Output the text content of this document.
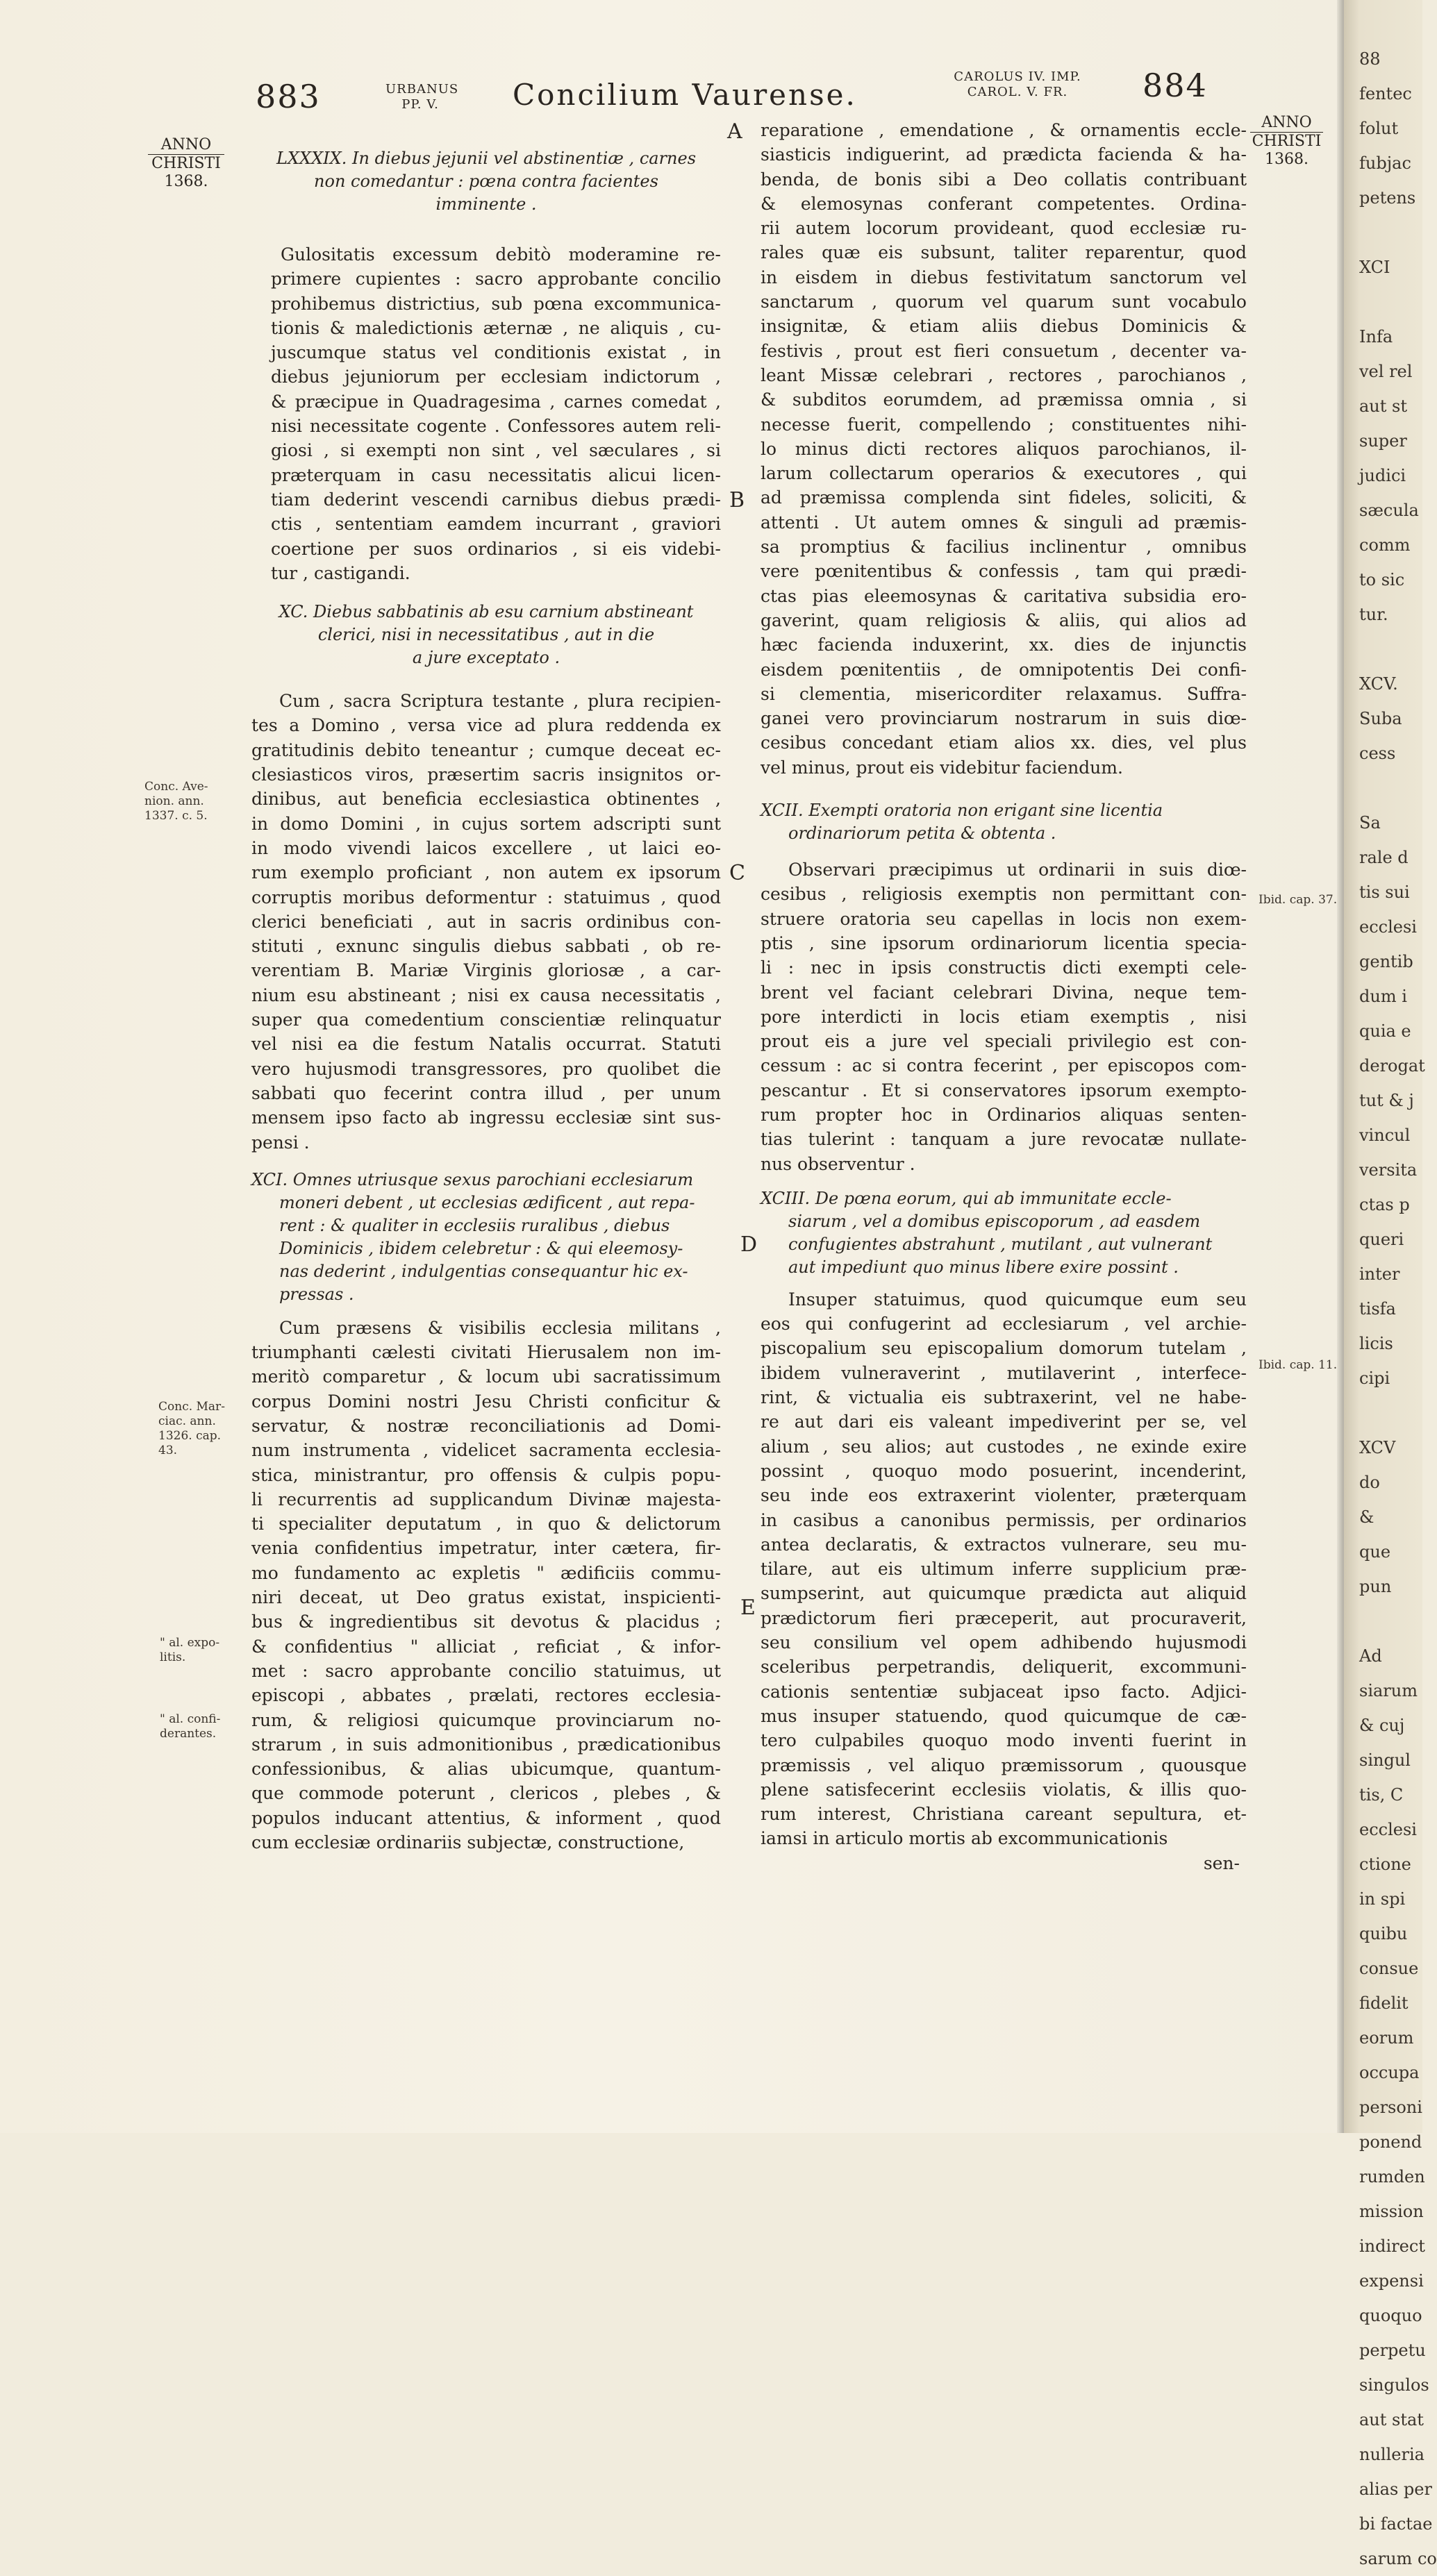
883	URBANUS
PP. V.	Concilium Vaurense.
CAROLUS IV. IMP.
CAROL. V. FR.	884
ANNO
CHRISTI
1368.
ANNO
CHRISTI
1368.
Conc. Ave-
nion. ann.
1337. c. 5.
Conc. Mar-
ciac. ann.
1326. cap.
43.
" al. expo-
litis.
" al. confi-
derantes.
Ibid. cap. 37.
Ibid. cap. 11.
A
B
C
D
E
LXXXIX. In diebus jejunii vel abstinentiæ , carnes
non comedantur : pœna contra facientes
imminente .
Gulositatis excessum debitò moderamine re-
primere cupientes : sacro approbante concilio
prohibemus districtius, sub pœna excommunica-
tionis & maledictionis æternæ , ne aliquis , cu-
juscumque status vel conditionis existat , in
diebus jejuniorum per ecclesiam indictorum ,
& præcipue in Quadragesima , carnes comedat ,
nisi necessitate cogente . Confessores autem reli-
giosi , si exempti non sint , vel sæculares , si
præterquam in casu necessitatis alicui licen-
tiam dederint vescendi carnibus diebus prædi-
ctis , sententiam eamdem incurrant , graviori
coertione per suos ordinarios , si eis videbi-
tur , castigandi.
XC. Diebus sabbatinis ab esu carnium abstineant
clerici, nisi in necessitatibus , aut in die
a jure exceptato .
Cum , sacra Scriptura testante , plura recipien-
tes a Domino , versa vice ad plura reddenda ex
gratitudinis debito teneantur ; cumque deceat ec-
clesiasticos viros, præsertim sacris insignitos or-
dinibus, aut beneficia ecclesiastica obtinentes ,
in domo Domini , in cujus sortem adscripti sunt
in modo vivendi laicos excellere , ut laici eo-
rum exemplo proficiant , non autem ex ipsorum
corruptis moribus deformentur : statuimus , quod
clerici beneficiati , aut in sacris ordinibus con-
stituti , exnunc singulis diebus sabbati , ob re-
verentiam B. Mariæ Virginis gloriosæ , a car-
nium esu abstineant ; nisi ex causa necessitatis ,
super qua comedentium conscientiæ relinquatur
vel nisi ea die festum Natalis occurrat. Statuti
vero hujusmodi transgressores, pro quolibet die
sabbati quo fecerint contra illud , per unum
mensem ipso facto ab ingressu ecclesiæ sint sus-
pensi .
XCI. Omnes utriusque sexus parochiani ecclesiarum
moneri debent , ut ecclesias ædificent , aut repa-
rent : & qualiter in ecclesiis ruralibus , diebus
Dominicis , ibidem celebretur : & qui eleemosy-
nas dederint , indulgentias consequantur hic ex-
pressas .
Cum præsens & visibilis ecclesia militans ,
triumphanti cælesti civitati Hierusalem non im-
meritò comparetur , & locum ubi sacratissimum
corpus Domini nostri Jesu Christi conficitur &
servatur, & nostræ reconciliationis ad Domi-
num instrumenta , videlicet sacramenta ecclesia-
stica, ministrantur, pro offensis & culpis popu-
li recurrentis ad supplicandum Divinæ majesta-
ti specialiter deputatum , in quo & delictorum
venia confidentius impetratur, inter cætera, fir-
mo fundamento ac expletis " ædificiis commu-
niri deceat, ut Deo gratus existat, inspicienti-
bus & ingredientibus sit devotus & placidus ;
& confidentius " alliciat , reficiat , & infor-
met : sacro approbante concilio statuimus, ut
episcopi , abbates , prælati, rectores ecclesia-
rum, & religiosi quicumque provinciarum no-
strarum , in suis admonitionibus , prædicationibus
confessionibus, & alias ubicumque, quantum-
que commode poterunt , clericos , plebes , &
populos inducant attentius, & informent , quod
cum ecclesiæ ordinariis subjectæ, constructione,
reparatione , emendatione , & ornamentis eccle-
siasticis indiguerint, ad prædicta facienda & ha-
benda, de bonis sibi a Deo collatis contribuant
& elemosynas conferant competentes. Ordina-
rii autem locorum provideant, quod ecclesiæ ru-
rales quæ eis subsunt, taliter reparentur, quod
in eisdem in diebus festivitatum sanctorum vel
sanctarum , quorum vel quarum sunt vocabulo
insignitæ, & etiam aliis diebus Dominicis &
festivis , prout est fieri consuetum , decenter va-
leant Missæ celebrari , rectores , parochianos ,
& subditos eorumdem, ad præmissa omnia , si
necesse fuerit, compellendo ; constituentes nihi-
lo minus dicti rectores aliquos parochianos, il-
larum collectarum operarios & executores , qui
ad præmissa complenda sint fideles, soliciti, &
attenti . Ut autem omnes & singuli ad præmis-
sa promptius & facilius inclinentur , omnibus
vere pœnitentibus & confessis , tam qui prædi-
ctas pias eleemosynas & caritativa subsidia ero-
gaverint, quam religiosis & aliis, qui alios ad
hæc facienda induxerint, xx. dies de injunctis
eisdem pœnitentiis , de omnipotentis Dei confi-
si clementia, misericorditer relaxamus. Suffra-
ganei vero provinciarum nostrarum in suis diœ-
cesibus concedant etiam alios xx. dies, vel plus
vel minus, prout eis videbitur faciendum.
XCII. Exempti oratoria non erigant sine licentia
ordinariorum petita & obtenta .
Observari præcipimus ut ordinarii in suis diœ-
cesibus , religiosis exemptis non permittant con-
struere oratoria seu capellas in locis non exem-
ptis , sine ipsorum ordinariorum licentia specia-
li : nec in ipsis constructis dicti exempti cele-
brent vel faciant celebrari Divina, neque tem-
pore interdicti in locis etiam exemptis , nisi
prout eis a jure vel speciali privilegio est con-
cessum : ac si contra fecerint , per episcopos com-
pescantur . Et si conservatores ipsorum exempto-
rum propter hoc in Ordinarios aliquas senten-
tias tulerint : tanquam a jure revocatæ nullate-
nus observentur .
XCIII. De pœna eorum, qui ab immunitate eccle-
siarum , vel a domibus episcoporum , ad easdem
confugientes abstrahunt , mutilant , aut vulnerant
aut impediunt quo minus libere exire possint .
Insuper statuimus, quod quicumque eum seu
eos qui confugerint ad ecclesiarum , vel archie-
piscopalium seu episcopalium domorum tutelam ,
ibidem vulneraverint , mutilaverint , interfece-
rint, & victualia eis subtraxerint, vel ne habe-
re aut dari eis valeant impediverint per se, vel
alium , seu alios; aut custodes , ne exinde exire
possint , quoquo modo posuerint, incenderint,
seu inde eos extraxerint violenter, præterquam
in casibus a canonibus permissis, per ordinarios
antea declaratis, & extractos vulnerare, seu mu-
tilare, aut eis ultimum inferre supplicium præ-
sumpserint, aut quicumque prædicta aut aliquid
prædictorum fieri præceperit, aut procuraverit,
seu consilium vel opem adhibendo hujusmodi
sceleribus perpetrandis, deliquerit, excommuni-
cationis sententiæ subjaceat ipso facto. Adjici-
mus insuper statuendo, quod quicumque de cæ-
tero culpabiles quoquo modo inventi fuerint in
præmissis , vel aliquo præmissorum , quousque
plene satisfecerint ecclesiis violatis, & illis quo-
rum interest, Christiana careant sepultura, et-
iamsi in articulo mortis ab excommunicationis
sen-
88
fentec
folut
fubjac
petens
XCI
Infa
vel rel
aut st
super
judici
sæcula
comm
to sic
tur.
XCV.
Suba
cess
Sa
rale d
tis sui
ecclesi
gentib
dum i
quia e
derogat
tut & j
vincul
versita
ctas p
queri
inter
tisfa
licis
cipi
XCV
do
&
que
pun
Ad
siarum
& cuj
singul
tis, C
ecclesi
ctione
in spi
quibu
consue
fidelit
eorum
occupa
personi
ponend
rumden
mission
indirect
expensi
quoquo
perpetu
singulos
aut stat
nulleria
alias per
bi factae
sarum co
